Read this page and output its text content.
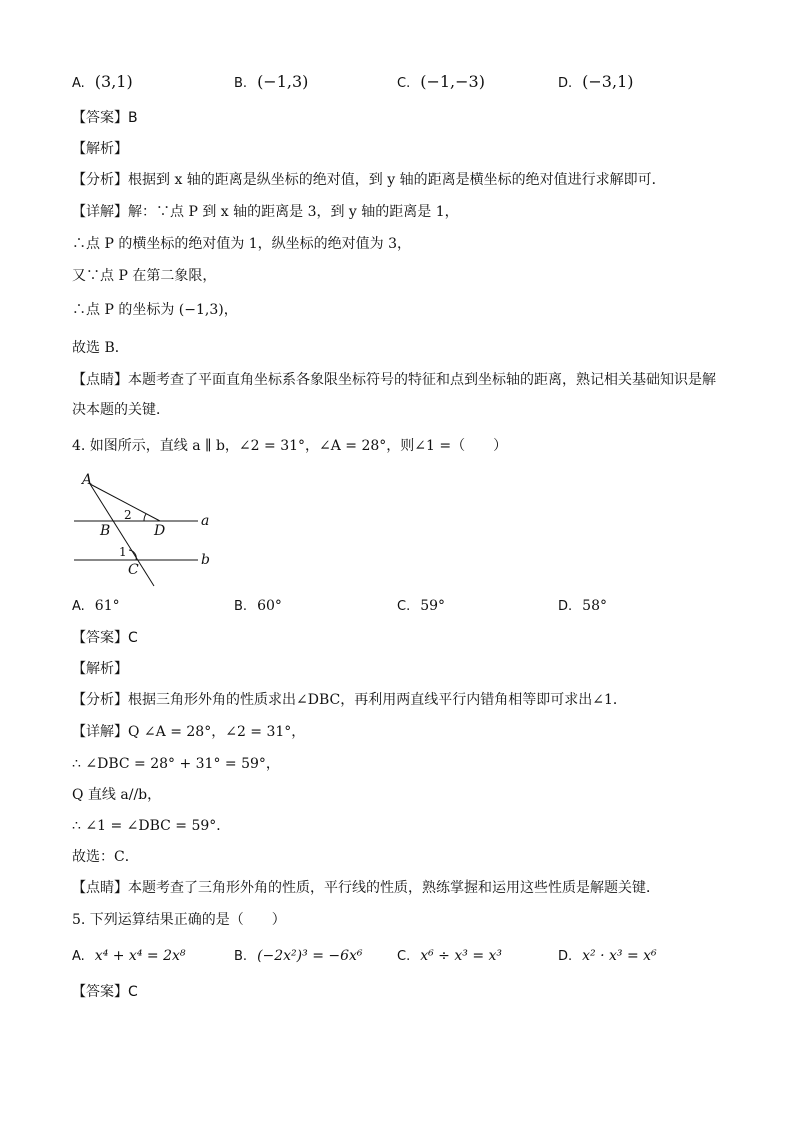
A. (3,1)	B. (−1,3)	C. (−1,−3)	D. (−3,1)
【答案】B
【解析】
【分析】根据到 x 轴的距离是纵坐标的绝对值，到 y 轴的距离是横坐标的绝对值进行求解即可．
【详解】解：∵点 P 到 x 轴的距离是 3，到 y 轴的距离是 1，
∴点 P 的横坐标的绝对值为 1，纵坐标的绝对值为 3，
又∵点 P 在第二象限，
∴点 P 的坐标为 (−1,3)，
故选 B．
【点睛】本题考查了平面直角坐标系各象限坐标符号的特征和点到坐标轴的距离，熟记相关基础知识是解
决本题的关键．
4. 如图所示，直线 a ∥ b，∠2 = 31°，∠A = 28°，则∠1 =（　　）
A
2
B	D
a
1
C
b
A. 61°	B. 60°	C. 59°	D. 58°
【答案】C
【解析】
【分析】根据三角形外角的性质求出∠DBC，再利用两直线平行内错角相等即可求出∠1．
【详解】Q ∠A = 28°，∠2 = 31°，
∴ ∠DBC = 28° + 31° = 59°，
Q 直线 a//b，
∴ ∠1 = ∠DBC = 59°．
故选：C．
【点睛】本题考查了三角形外角的性质，平行线的性质，熟练掌握和运用这些性质是解题关键．
5. 下列运算结果正确的是（　　）
A. x⁴ + x⁴ = 2x⁸	B. (−2x²)³ = −6x⁶	C. x⁶ ÷ x³ = x³	D. x² · x³ = x⁶
【答案】C
